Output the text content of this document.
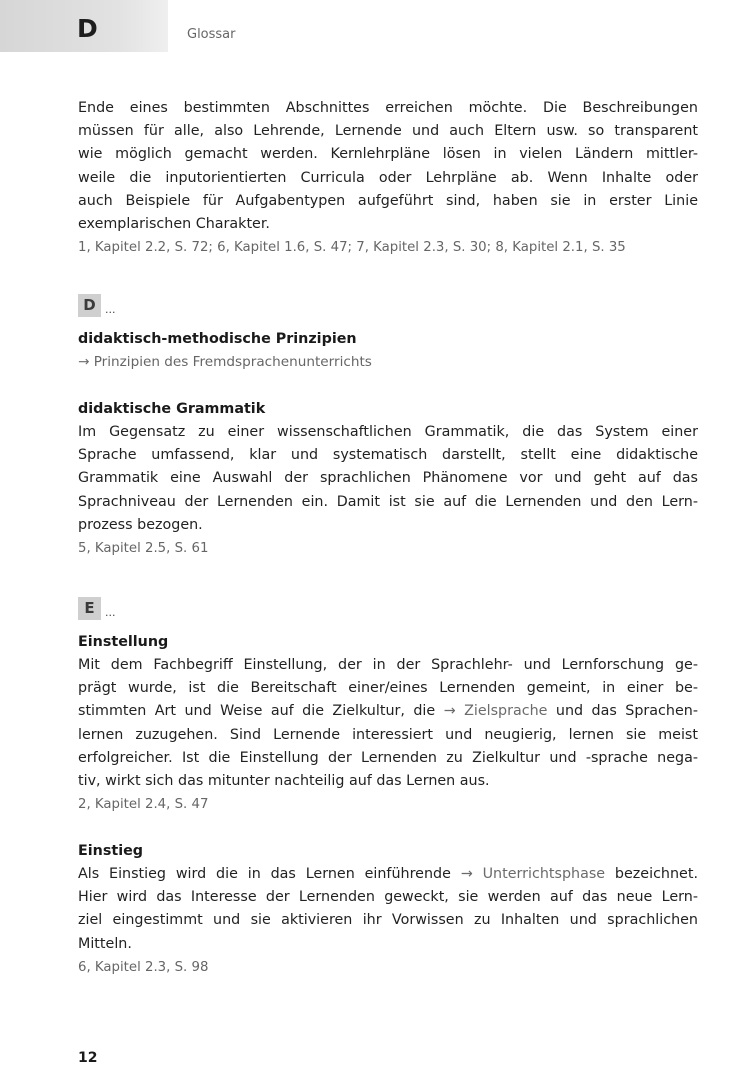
D	Glossar

Ende eines bestimmten Abschnittes erreichen möchte. Die Beschreibungen
müssen für alle, also Lehrende, Lernende und auch Eltern usw. so transparent
wie möglich gemacht werden. Kernlehrpläne lösen in vielen Ländern mittler-
weile die inputorientierten Curricula oder Lehrpläne ab. Wenn Inhalte oder
auch Beispiele für Aufgabentypen aufgeführt sind, haben sie in erster Linie
exemplarischen Charakter.

1, Kapitel 2.2, S. 72; 6, Kapitel 1.6, S. 47; 7, Kapitel 2.3, S. 30; 8, Kapitel 2.1, S. 35

D ...

didaktisch-methodische Prinzipien

→ Prinzipien des Fremdsprachenunterrichts

didaktische Grammatik

Im Gegensatz zu einer wissenschaftlichen Grammatik, die das System einer
Sprache umfassend, klar und systematisch darstellt, stellt eine didaktische
Grammatik eine Auswahl der sprachlichen Phänomene vor und geht auf das
Sprachniveau der Lernenden ein. Damit ist sie auf die Lernenden und den Lern-
prozess bezogen.

5, Kapitel 2.5, S. 61

E ...

Einstellung

Mit dem Fachbegriff Einstellung, der in der Sprachlehr- und Lernforschung ge-
prägt wurde, ist die Bereitschaft einer/eines Lernenden gemeint, in einer be-
stimmten Art und Weise auf die Zielkultur, die → Zielsprache und das Sprachen-
lernen zuzugehen. Sind Lernende interessiert und neugierig, lernen sie meist
erfolgreicher. Ist die Einstellung der Lernenden zu Zielkultur und -sprache nega-
tiv, wirkt sich das mitunter nachteilig auf das Lernen aus.

2, Kapitel 2.4, S. 47

Einstieg

Als Einstieg wird die in das Lernen einführende → Unterrichtsphase bezeichnet.
Hier wird das Interesse der Lernenden geweckt, sie werden auf das neue Lern-
ziel eingestimmt und sie aktivieren ihr Vorwissen zu Inhalten und sprachlichen
Mitteln.

6, Kapitel 2.3, S. 98

12
